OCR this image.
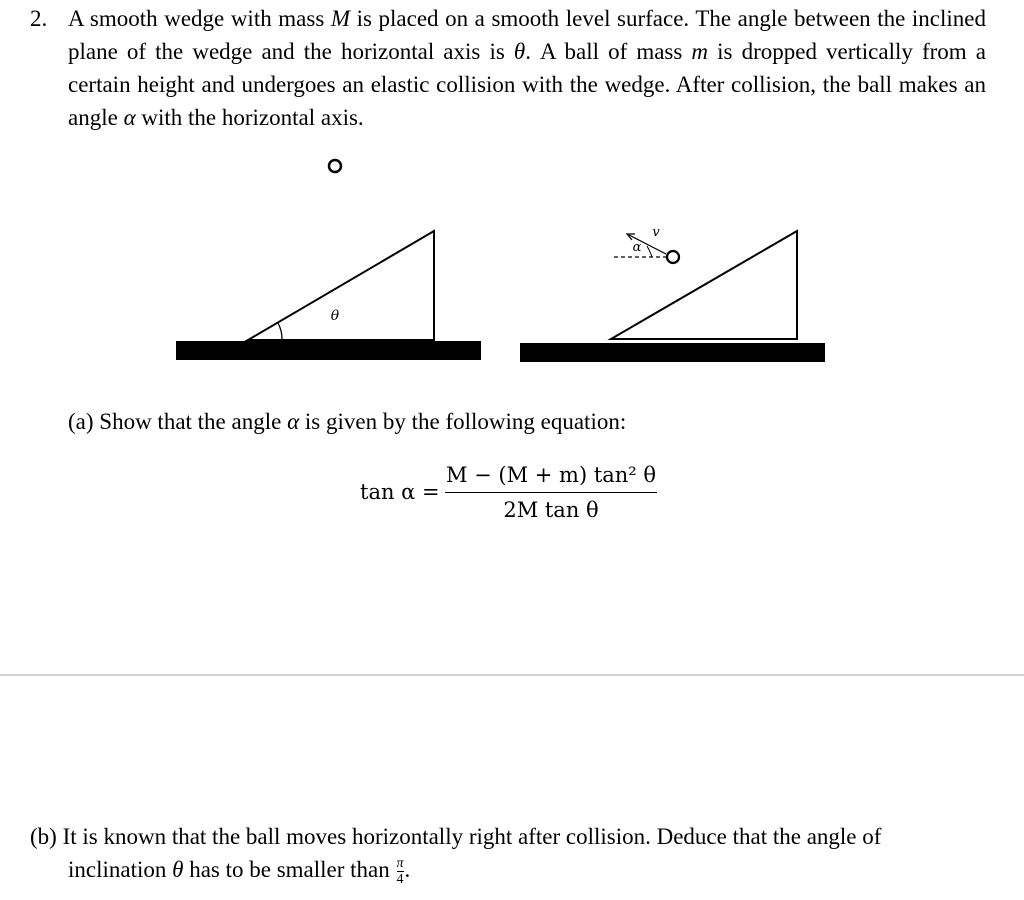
2. A smooth wedge with mass M is placed on a smooth level surface. The angle between the inclined plane of the wedge and the horizontal axis is θ. A ball of mass m is dropped vertically from a certain height and undergoes an elastic collision with the wedge. After collision, the ball makes an angle α with the horizontal axis.
θ
α
v
(a) Show that the angle α is given by the following equation:
tan α =
M − (M + m) tan² θ
2M tan θ
(b) It is known that the ball moves horizontally right after collision. Deduce that the angle of
inclination θ has to be smaller than $\frac{\pi}{4}$ .
